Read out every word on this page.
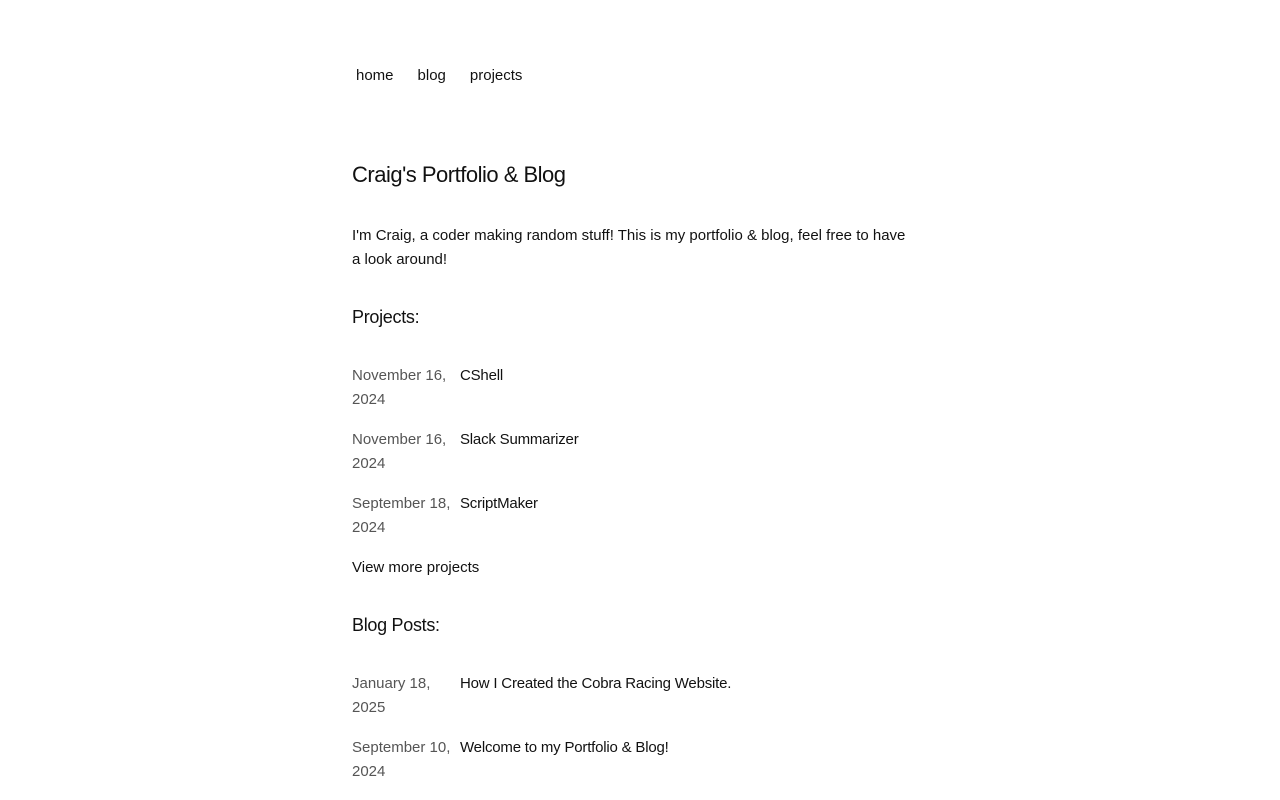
home blog projects
Craig's Portfolio & Blog

I'm Craig, a coder making random stuff! This is my portfolio & blog, feel free to have a look around!

Projects:
November 16, 2024
CShell
November 16, 2024
Slack Summarizer
September 18, 2024
ScriptMaker
View more projects
Blog Posts:
January 18, 2025
How I Created the Cobra Racing Website.
September 10, 2024
Welcome to my Portfolio & Blog!
